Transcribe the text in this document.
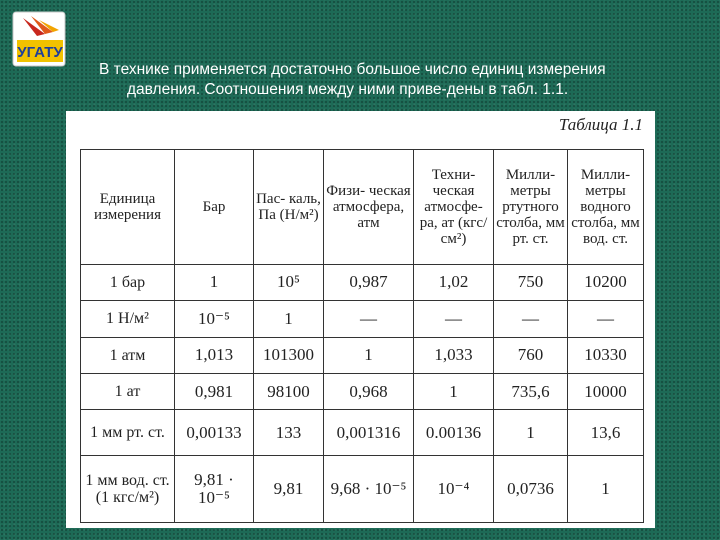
УГАТУ
В технике применяется достаточно большое число единиц измерения
давления. Соотношения между ними приве-дены в табл. 1.1.
Таблица 1.1
Единица измерения	Бар	Пас- каль, Па (Н/м²)	Физи- ческая атмосфера, атм	Техни- ческая атмосфе- ра, ат (кгс/см²)	Милли- метры ртутного столба, мм рт. ст.	Милли- метры водного столба, мм вод. ст.
1 бар	1	10⁵	0,987	1,02	750	10200
1 Н/м²	10⁻⁵	1	—	—	—	—
1 атм	1,013	101300	1	1,033	760	10330
1 ат	0,981	98100	0,968	1	735,6	10000
1 мм рт. ст.	0,00133	133	0,001316	0.00136	1	13,6
1 мм вод. ст. (1 кгс/м²)	9,81 · 10⁻⁵	9,81	9,68 · 10⁻⁵	10⁻⁴	0,0736	1
